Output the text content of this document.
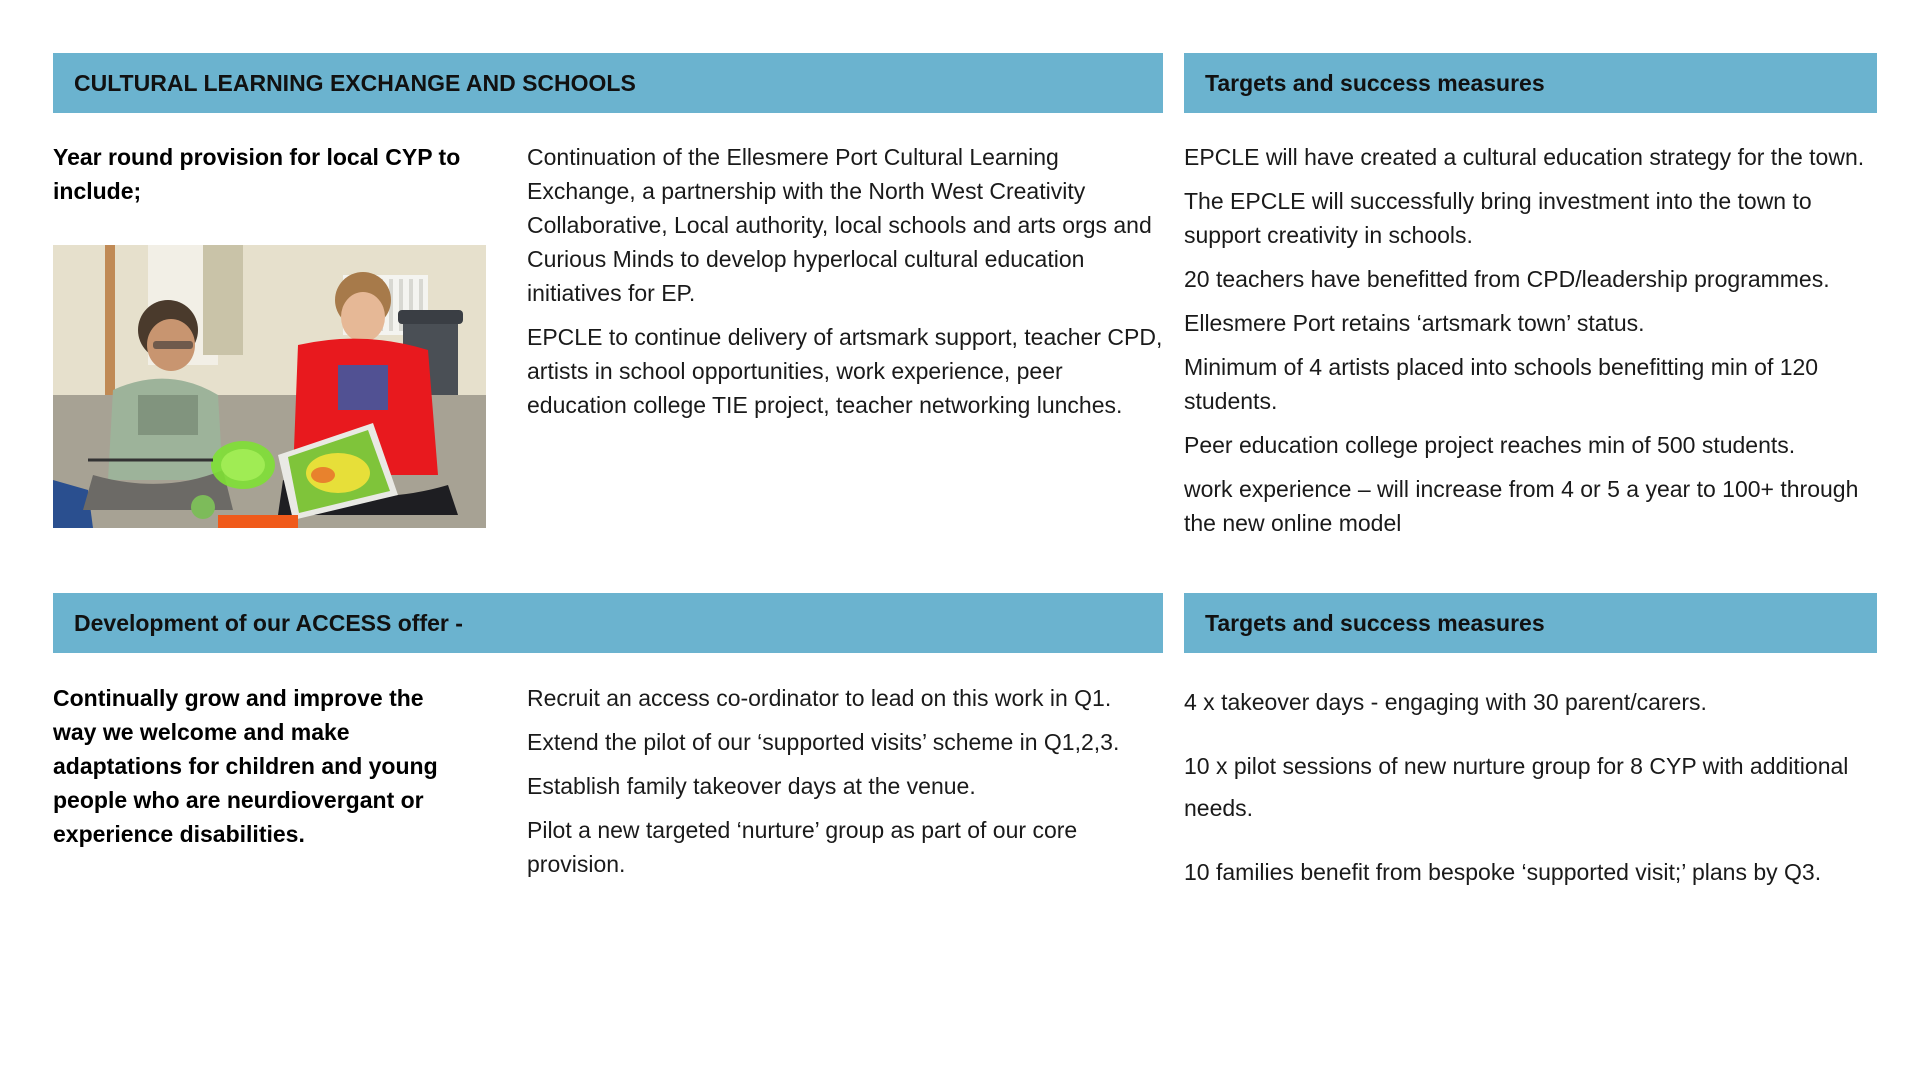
CULTURAL LEARNING EXCHANGE AND SCHOOLS	Targets and success measures
Year round provision for local CYP to include;

Continuation of the Ellesmere Port Cultural Learning Exchange, a partnership with the North West Creativity Collaborative, Local authority, local schools and arts orgs and Curious Minds to develop hyperlocal cultural education initiatives for EP.

EPCLE to continue delivery of artsmark support, teacher CPD, artists in school opportunities, work experience, peer education college TIE project, teacher networking lunches.

EPCLE will have created a cultural education strategy for the town.

The EPCLE will successfully bring investment into the town to support creativity in schools.

20 teachers have benefitted from CPD/leadership programmes.

Ellesmere Port retains ‘artsmark town’ status.

Minimum of 4 artists placed into schools benefitting min of 120 students.

Peer education college project reaches min of 500 students.

work experience – will increase from 4 or 5 a year to 100+ through the new online model

Development of our ACCESS offer -	Targets and success measures
Continually grow and improve the way we welcome and make adaptations for children and young people who are neurdiovergant or experience disabilities.

Recruit an access co-ordinator to lead on this work in Q1.

Extend the pilot of our ‘supported visits’ scheme in Q1,2,3.

Establish family takeover days at the venue.

Pilot a new targeted ‘nurture’ group as part of our core provision.

4 x takeover days - engaging with 30 parent/carers.

10 x pilot sessions of new nurture group for 8 CYP with additional needs.

10 families benefit from bespoke ‘supported visit;’ plans by Q3.
